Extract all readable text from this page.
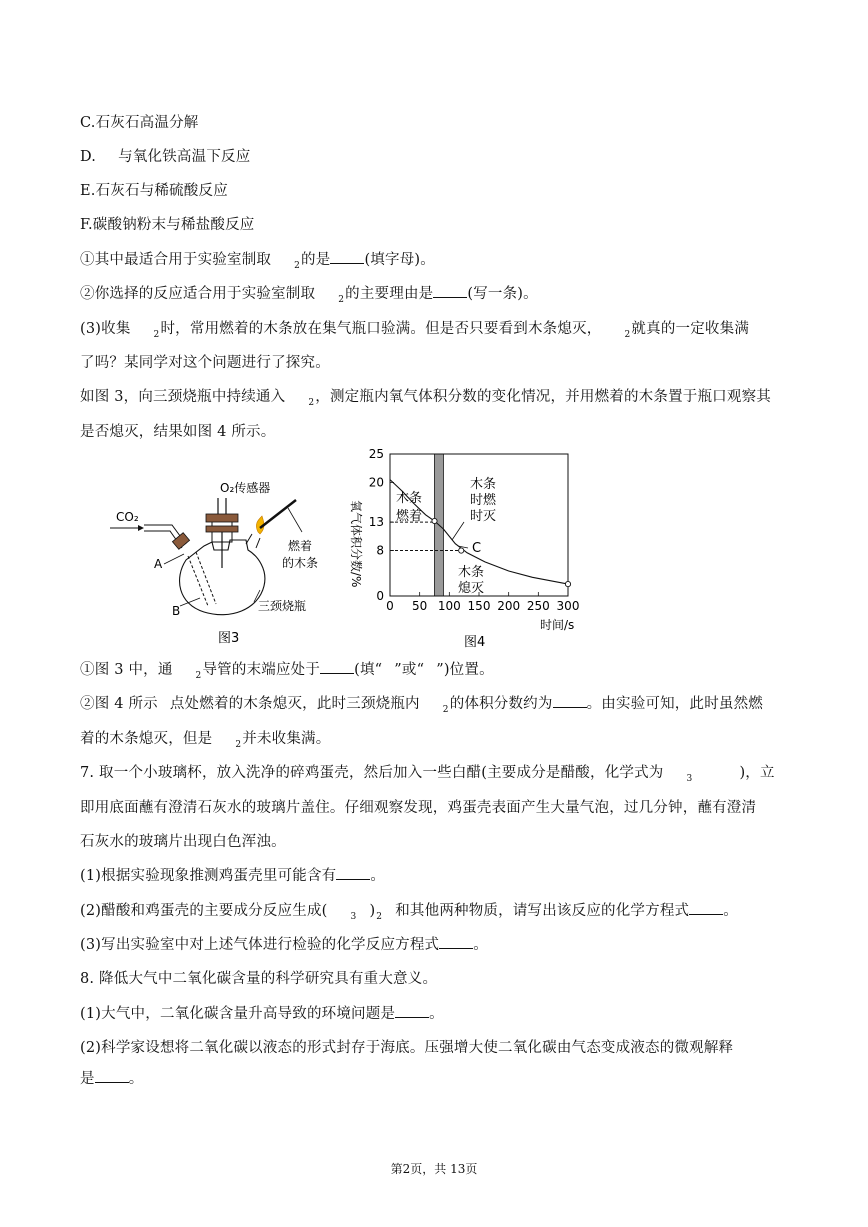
C.石灰石高温分解
D. 与氧化铁高温下反应
E.石灰石与稀硫酸反应
F.碳酸钠粉末与稀盐酸反应
①其中最适合用于实验室制取	$_2$的是 (填字母)。
②你选择的反应适合用于实验室制取	$_2$的主要理由是 (写一条)。
(3)收集	$_2$时，常用燃着的木条放在集气瓶口验满。但是否只要看到木条熄灭，	$_2$就真的一定收集满
了吗？某同学对这个问题进行了探究。
如图 3，向三颈烧瓶中持续通入	$_2$，测定瓶内氧气体积分数的变化情况，并用燃着的木条置于瓶口观察其
是否熄灭，结果如图 4 所示。
CO₂
O₂传感器
燃着
的木条
三颈烧瓶
A
B
图3
0 50 100 150 200 250 300
0
8
13
20
25
木条
燃着
木条
时燃
时灭
C
木条
熄灭
氧气体积分数/%
时间/s
图4
①图 3 中，通	$_2$导管的末端应处于 (填“ ”或“ ”)位置。
②图 4 所示 点处燃着的木条熄灭，此时三颈烧瓶内	$_2$的体积分数约为 。由实验可知，此时虽然燃
着的木条熄灭，但是	$_2$并未收集满。
7. 取一个小玻璃杯，放入洗净的碎鸡蛋壳，然后加入一些白醋(主要成分是醋酸，化学式为	$_3$	)，立
即用底面蘸有澄清石灰水的玻璃片盖住。仔细观察发现，鸡蛋壳表面产生大量气泡，过几分钟，蘸有澄清
石灰水的玻璃片出现白色浑浊。
(1)根据实验现象推测鸡蛋壳里可能含有 。
(2)醋酸和鸡蛋壳的主要成分反应生成(	$_3$ )$_2$ 和其他两种物质，请写出该反应的化学方程式 。
(3)写出实验室中对上述气体进行检验的化学反应方程式 。
8. 降低大气中二氧化碳含量的科学研究具有重大意义。
(1)大气中，二氧化碳含量升高导致的环境问题是 。
(2)科学家设想将二氧化碳以液态的形式封存于海底。压强增大使二氧化碳由气态变成液态的微观解释
是 。
第2页，共 13页
